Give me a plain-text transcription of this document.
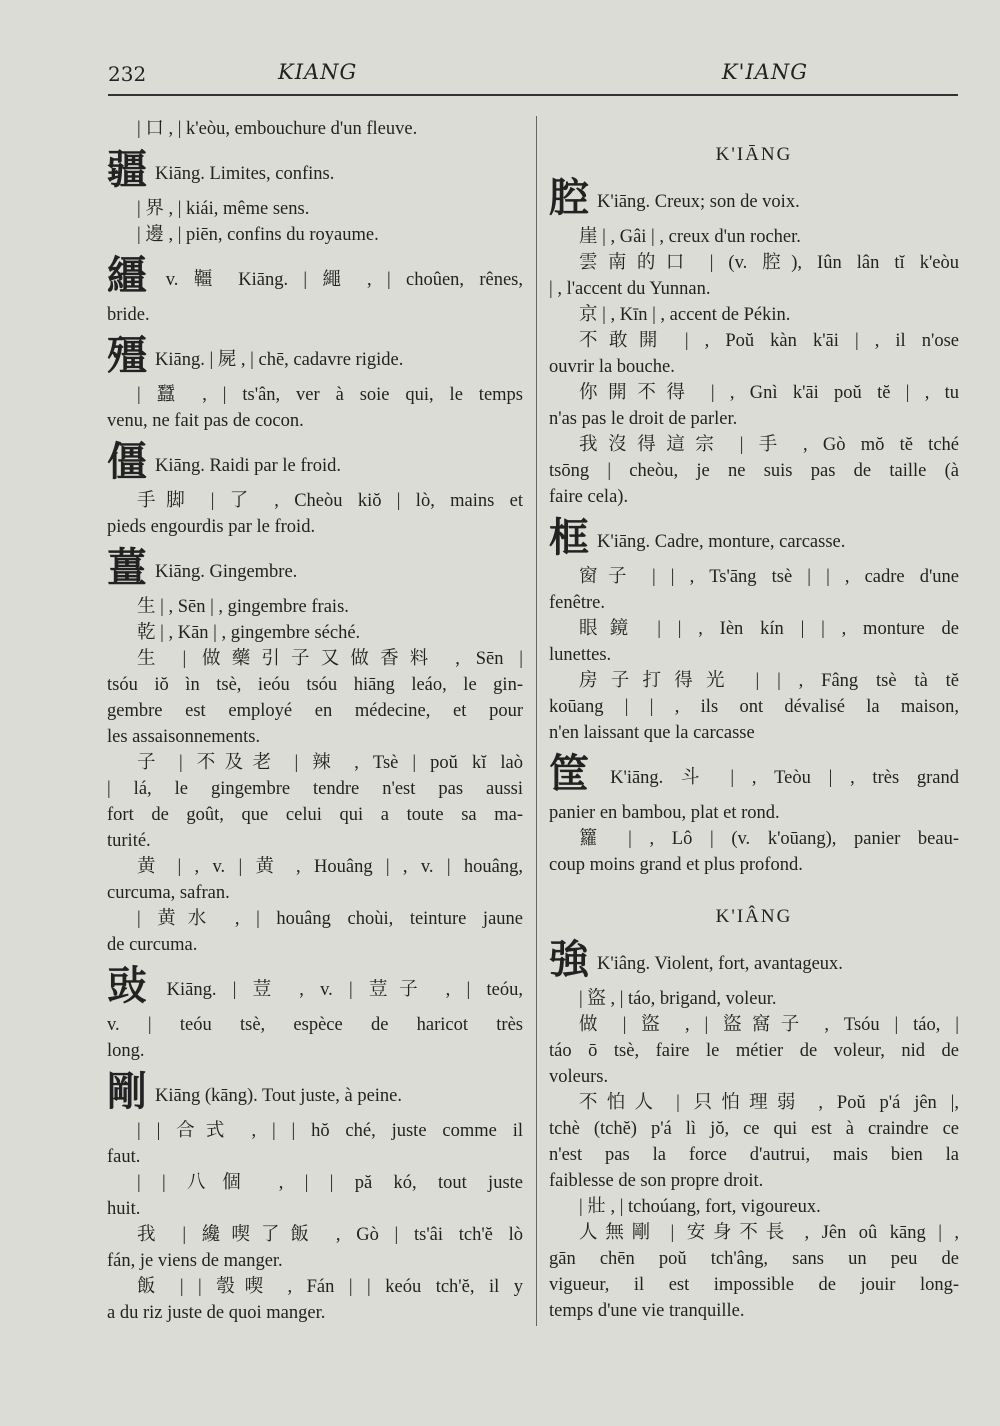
232	KIANG	K'IANG
| 口 , | k'eòu, embouchure d'un fleuve.
疆 Kiāng. Limites, confins.
| 界 , | kiái, même sens.
| 邊 , | piēn, confins du royaume.
繮v. 韁 Kiāng. | 繩 , | choûen, rênes,
bride.
殭 Kiāng. | 屍 , | chē, cadavre rigide.
| 蠶 , | ts'ân, ver à soie qui, le temps
venu, ne fait pas de cocon.
僵 Kiāng. Raidi par le froid.
手脚 | 了 , Cheòu kiŏ | lò, mains et
pieds engourdis par le froid.
薑 Kiāng. Gingembre.
生 | , Sēn | , gingembre frais.
乾 | , Kān | , gingembre séché.
生 | 做藥引子又做香料 , Sēn |
tsóu iŏ ìn tsè, ieóu tsóu hiāng leáo, le gin-
gembre est employé en médecine, et pour
les assaisonnements.
子 | 不及老 | 辣 , Tsè | poŭ kĭ laò
| lá, le gingembre tendre n'est pas aussi
fort de goût, que celui qui a toute sa ma-
turité.
黄 | , v. | 黄 , Houâng | , v. | houâng,
curcuma, safran.
| 黄水 , | houâng choùi, teinture jaune
de curcuma.
䜴 Kiāng. | 荳 , v. | 荳子 , | teóu,
v. | teóu tsè, espèce de haricot très
long.
剛 Kiāng (kāng). Tout juste, à peine.
| | 合式 , | | hŏ ché, juste comme il
faut.
| | 八個 , | | pă kó, tout juste
huit.
我 | 纔喫了飯 , Gò | ts'âi tch'ĕ lò
fán, je viens de manger.
飯 | | 彀喫 , Fán | | keóu tch'ĕ, il y
a du riz juste de quoi manger.
K'IĀNG
腔 K'iāng. Creux; son de voix.
崖 | , Gâi | , creux d'un rocher.
雲南的口 | (v. 腔), Iûn lân tĭ k'eòu
| , l'accent du Yunnan.
京 | , Kīn | , accent de Pékin.
不敢開 | , Poŭ kàn k'āi | , il n'ose
ouvrir la bouche.
你開不得 | , Gnì k'āi poŭ tĕ | , tu
n'as pas le droit de parler.
我沒得這宗 | 手 , Gò mŏ tĕ tché
tsōng | cheòu, je ne suis pas de taille (à
faire cela).
框 K'iāng. Cadre, monture, carcasse.
窗子 | | , Ts'āng tsè | | , cadre d'une
fenêtre.
眼鏡 | | , Ièn kín | | , monture de
lunettes.
房子打得光 | | , Fâng tsè tà tĕ
koūang | | , ils ont dévalisé la maison,
n'en laissant que la carcasse
筐 K'iāng. 斗 | , Teòu | , très grand
panier en bambou, plat et rond.
籮 | , Lô | (v. k'oūang), panier beau-
coup moins grand et plus profond.
K'IÂNG
強 K'iâng. Violent, fort, avantageux.
| 盜 , | táo, brigand, voleur.
做 | 盜 , | 盜窩子 , Tsóu | táo, |
táo ō tsè, faire le métier de voleur, nid de
voleurs.
不怕人 | 只怕理弱 , Poŭ p'á jên |,
tchè (tchĕ) p'á lì jŏ, ce qui est à craindre ce
n'est pas la force d'autrui, mais bien la
faiblesse de son propre droit.
| 壯 , | tchoúang, fort, vigoureux.
人無剛 | 安身不長 , Jên oû kāng | ,
gān chēn poŭ tch'âng, sans un peu de
vigueur, il est impossible de jouir long-
temps d'une vie tranquille.
